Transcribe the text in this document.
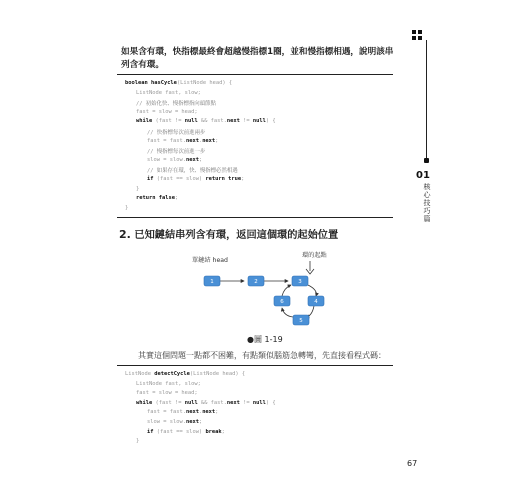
01
核心技巧篇
如果含有環，快指標最終會超越慢指標1圈，並和慢指標相遇，說明該串列含有環。
boolean hasCycle(ListNode head) {
ListNode fast, slow;
// 初始化快、慢指標指向頭節點
fast = slow = head;
while (fast != null && fast.next != null) {
// 快指標每次前進兩步
fast = fast.next.next;
// 慢指標每次前進一步
slow = slow.next;
// 如果存在環，快、慢指標必然相遇
if (fast == slow) return true;
}
return false;
}
2. 已知鏈結串列含有環，返回這個環的起始位置
單鏈結 head
環的起點
1	2	3
4
5
6
●圖 1-19
其實這個問題一點都不困難，有點類似腦筋急轉彎，先直接看程式碼：
ListNode detectCycle(ListNode head) {
ListNode fast, slow;
fast = slow = head;
while (fast != null && fast.next != null) {
fast = fast.next.next;
slow = slow.next;
if (fast == slow) break;
}
67
